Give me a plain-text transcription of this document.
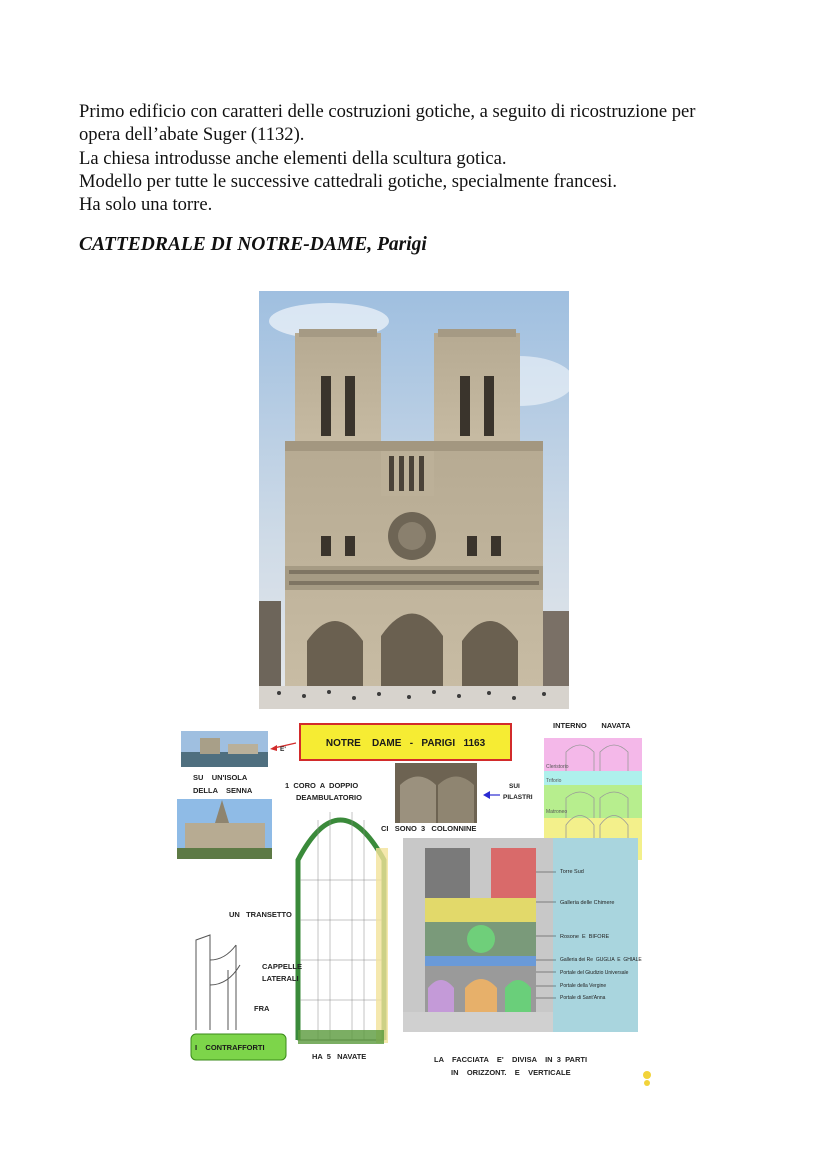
Primo edificio con caratteri delle costruzioni gotiche, a seguito di ricostruzione per

opera dell’abate Suger (1132).

La chiesa introdusse anche elementi della scultura gotica.

Modello per tutte le successive cattedrali gotiche, specialmente francesi.

Ha solo una torre.

CATTEDRALE DI NOTRE-DAME, Parigi
NOTRE    DAME   -   PARIGI   1163
E'
SU    UN'ISOLA
DELLA    SENNA
1  CORO  A  DOPPIO
DEAMBULATORIO
SUI
PILASTRI
CI   SONO  3   COLONNINE
INTERNO       NAVATA
Cleristorio
Triforio
Matroneo
Torre Sud
Galleria delle Chimere
Rosone  E  BIFORE
Galleria dei Re  GUGLIA  E  GHIALE
Portale del Giudizio Universale
Portale della Vergine
Portale di Sant'Anna
UN   TRANSETTO
CAPPELLE
LATERALI
FRA
I    CONTRAFFORTI
HA  5   NAVATE	LA    FACCIATA    E'    DIVISA    IN  3  PARTI
IN    ORIZZONT.    E    VERTICALE
